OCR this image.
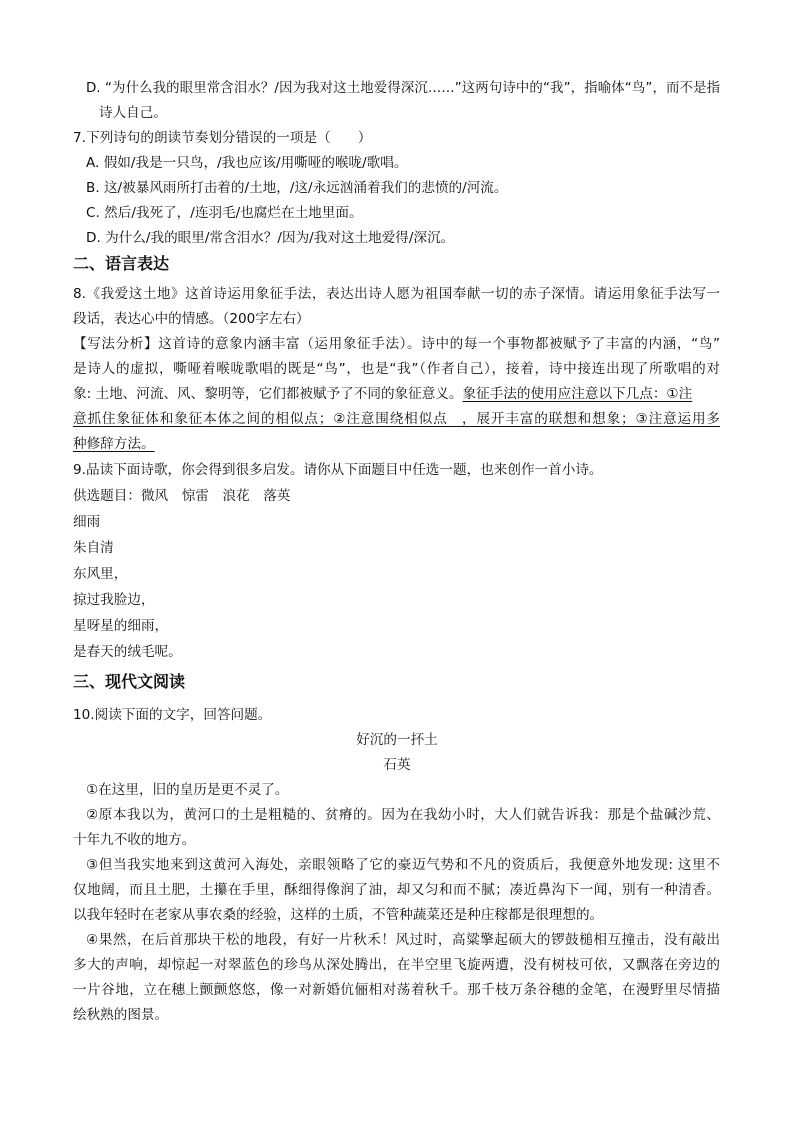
D. “为什么我的眼里常含泪水？/因为我对这土地爱得深沉……”这两句诗中的“我”，指喻体“鸟”，而不是指
诗人自己。
7.下列诗句的朗读节奏划分错误的一项是（　　）
A. 假如/我是一只鸟，/我也应该/用嘶哑的喉咙/歌唱。
B. 这/被暴风雨所打击着的/土地，/这/永远汹涌着我们的悲愤的/河流。
C. 然后/我死了，/连羽毛/也腐烂在土地里面。
D. 为什么/我的眼里/常含泪水？/因为/我对这土地爱得/深沉。
二、语言表达
8.《我爱这土地》这首诗运用象征手法，表达出诗人愿为祖国奉献一切的赤子深情。请运用象征手法写一
段话，表达心中的情感。（200字左右）
【写法分析】这首诗的意象内涵丰富（运用象征手法）。诗中的每一个事物都被赋予了丰富的内涵，“鸟”
是诗人的虚拟，嘶哑着喉咙歌唱的既是“鸟”，也是“我”（作者自己），接着，诗中接连出现了所歌唱的对
象: 土地、河流、风、黎明等，它们都被赋予了不同的象征意义。象征手法的使用应注意以下几点：①注
意抓住象征体和象征本体之间的相似点；②注意围绕相似点　，展开丰富的联想和想象；③注意运用多
种修辞方法。
9.品读下面诗歌，你会得到很多启发。请你从下面题目中任选一题，也来创作一首小诗。
供选题目：微风　惊雷　浪花　落英
细雨
朱自清
东风里，
掠过我脸边，
星呀星的细雨，
是春天的绒毛呢。
三、现代文阅读
10.阅读下面的文字，回答问题。
好沉的一抔土
石英
①在这里，旧的皇历是更不灵了。
②原本我以为，黄河口的土是粗糙的、贫瘠的。因为在我幼小时，大人们就告诉我：那是个盐碱沙荒、
十年九不收的地方。
③但当我实地来到这黄河入海处，亲眼领略了它的豪迈气势和不凡的资质后，我便意外地发现: 这里不
仅地阔，而且土肥，土攥在手里，酥细得像润了油，却又匀和而不腻；凑近鼻沟下一闻，别有一种清香。
以我年轻时在老家从事农桑的经验，这样的土质，不管种蔬菜还是种庄稼都是很理想的。
④果然，在后首那块干松的地段，有好一片秋禾！风过时，高粱擎起硕大的锣鼓槌相互撞击，没有敲出
多大的声响，却惊起一对翠蓝色的珍鸟从深处腾出，在半空里飞旋两遭，没有树枝可依，又飘落在旁边的
一片谷地，立在穗上颤颤悠悠，像一对新婚伉俪相对荡着秋千。那千枝万条谷穗的金笔，在漫野里尽情描
绘秋熟的图景。
